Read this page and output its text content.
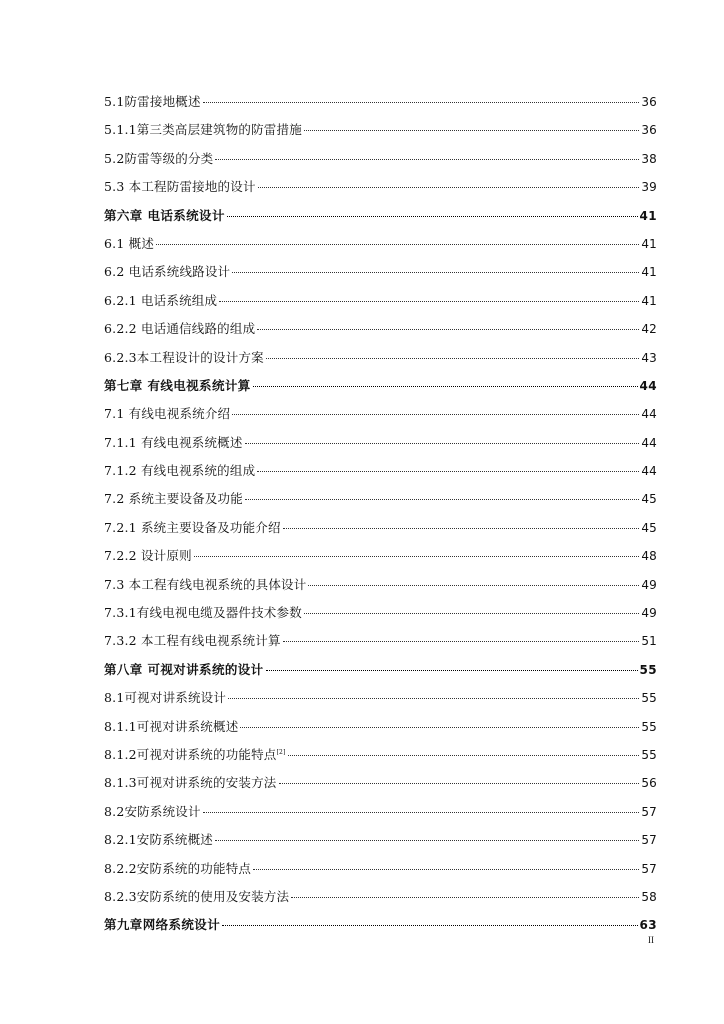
5.1防雷接地概述	36
5.1.1第三类高层建筑物的防雷措施	36
5.2防雷等级的分类	38
5.3 本工程防雷接地的设计	39
第六章 电话系统设计	41
6.1 概述	41
6.2 电话系统线路设计	41
6.2.1 电话系统组成	41
6.2.2 电话通信线路的组成	42
6.2.3本工程设计的设计方案	43
第七章 有线电视系统计算	44
7.1 有线电视系统介绍	44
7.1.1 有线电视系统概述	44
7.1.2 有线电视系统的组成	44
7.2 系统主要设备及功能	45
7.2.1 系统主要设备及功能介绍	45
7.2.2 设计原则	48
7.3 本工程有线电视系统的具体设计	49
7.3.1有线电视电缆及器件技术参数	49
7.3.2 本工程有线电视系统计算	51
第八章 可视对讲系统的设计	55
8.1可视对讲系统设计	55
8.1.1可视对讲系统概述	55
8.1.2可视对讲系统的功能特点[2]	55
8.1.3可视对讲系统的安装方法	56
8.2安防系统设计	57
8.2.1安防系统概述	57
8.2.2安防系统的功能特点	57
8.2.3安防系统的使用及安装方法	58
第九章网络系统设计	63
II
